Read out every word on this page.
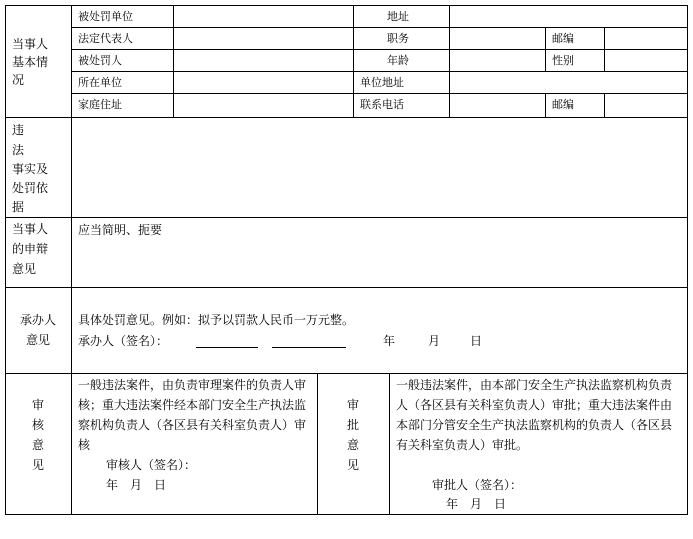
当事人
基本情
况
被处罚单位	地址
法定代表人	职务	邮编
被处罚人	年龄	性别
所在单位	单位地址
家庭住址	联系电话	邮编
违
法
事实及
处罚依
据
当事人
的申辩
意见
应当简明、扼要
承办人
意见
具体处罚意见。例如：拟予以罚款人民币一万元整。
承办人（签名）：	年	月 日
审
核
意
见
一般违法案件，由负责审理案件的负责人审核；重大违法案件经本部门安全生产执法监察机构负责人（各区县有关科室负责人）审核
审核人（签名）：
年　月　日
审
批
意
见
一般违法案件，由本部门安全生产执法监察机构负责人（各区县有关科室负责人）审批；重大违法案件由本部门分管安全生产执法监察机构的负责人（各区县有关科室负责人）审批。
审批人（签名）：
年　月　日
